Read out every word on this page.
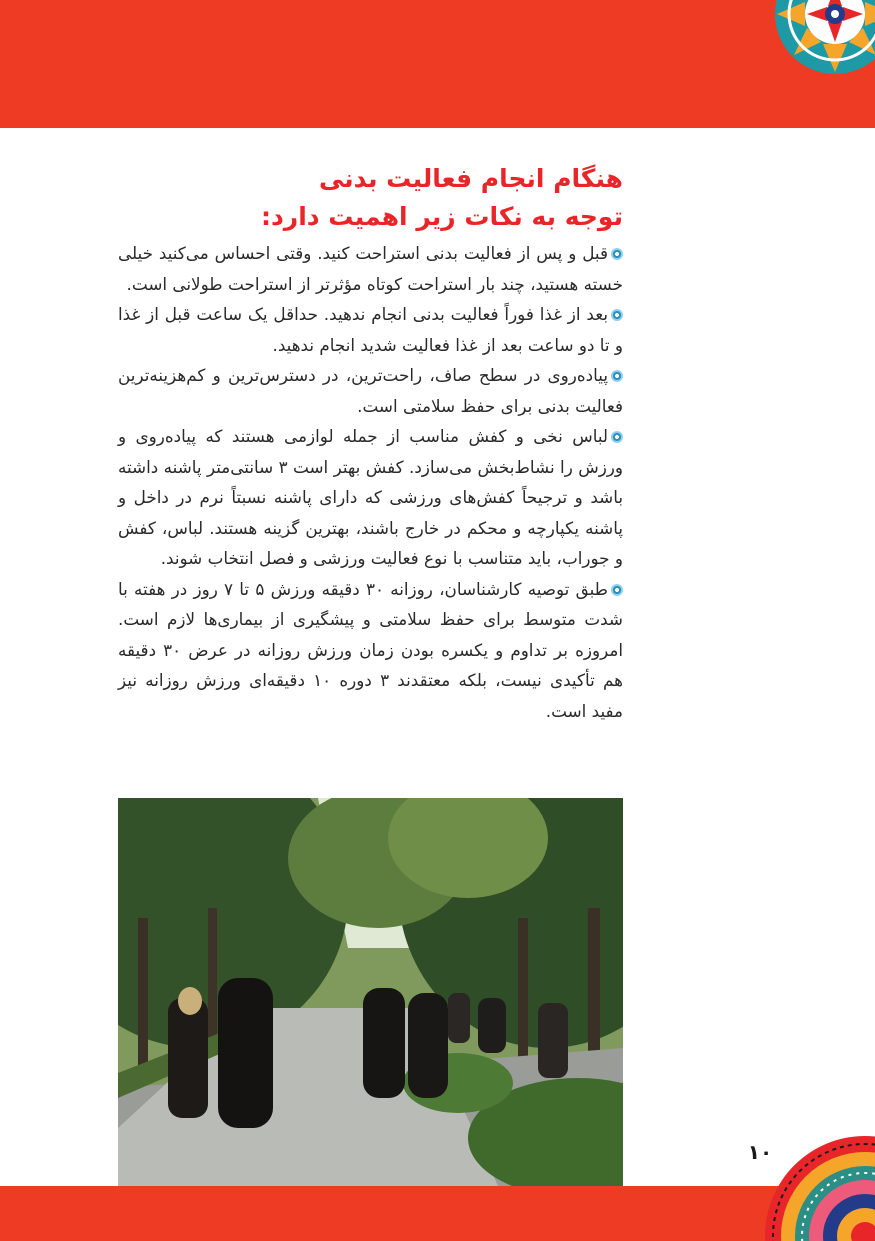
هنگام انجام فعالیت بدنی
توجه به نکات زیر اهمیت دارد:

قبل و پس از فعالیت بدنی استراحت کنید. وقتی احساس می‌کنید خیلی خسته هستید، چند بار استراحت کوتاه مؤثرتر از استراحت طولانی است.

بعد از غذا فوراً فعالیت بدنی انجام ندهید. حداقل یک ساعت قبل از غذا و تا دو ساعت بعد از غذا فعالیت شدید انجام ندهید.

پیاده‌روی در سطح صاف، راحت‌ترین، در دسترس‌ترین و کم‌هزینه‌ترین فعالیت بدنی برای حفظ سلامتی است.

لباس نخی و کفش مناسب از جمله لوازمی هستند که پیاده‌روی و ورزش را نشاط‌بخش می‌سازد. کفش بهتر است ۳ سانتی‌متر پاشنه داشته باشد و ترجیحاً کفش‌های ورزشی که دارای پاشنه نسبتاً نرم در داخل و پاشنه یکپارچه و محکم در خارج باشند، بهترین گزینه هستند. لباس، کفش و جوراب، باید متناسب با نوع فعالیت ورزشی و فصل انتخاب شوند.

طبق توصیه کارشناسان، روزانه ۳۰ دقیقه ورزش ۵ تا ۷ روز در هفته با شدت متوسط برای حفظ سلامتی و پیشگیری از بیماری‌ها لازم است. امروزه بر تداوم و یکسره بودن زمان ورزش روزانه در عرض ۳۰ دقیقه هم تأکیدی نیست، بلکه معتقدند ۳ دوره ۱۰ دقیقه‌ای ورزش روزانه نیز مفید است.

۱۰
